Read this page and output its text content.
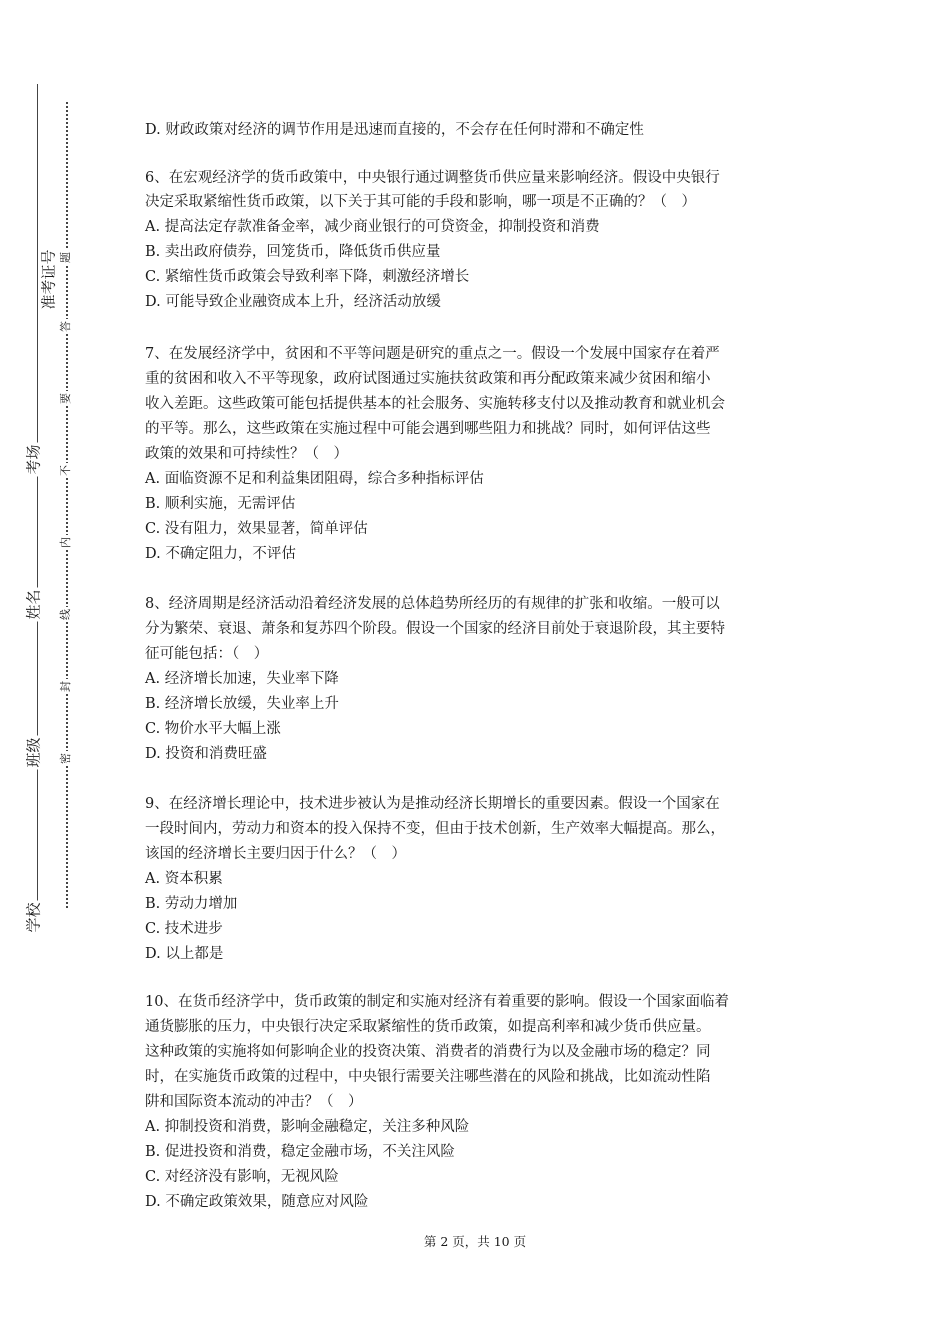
准考证号
考场
姓名
班级
学校
题
答
要
不
内
线
封
密
D. 财政政策对经济的调节作用是迅速而直接的，不会存在任何时滞和不确定性
6、在宏观经济学的货币政策中，中央银行通过调整货币供应量来影响经济。假设中央银行
决定采取紧缩性货币政策，以下关于其可能的手段和影响，哪一项是不正确的？（　）
A. 提高法定存款准备金率，减少商业银行的可贷资金，抑制投资和消费
B. 卖出政府债券，回笼货币，降低货币供应量
C. 紧缩性货币政策会导致利率下降，刺激经济增长
D. 可能导致企业融资成本上升，经济活动放缓
7、在发展经济学中，贫困和不平等问题是研究的重点之一。假设一个发展中国家存在着严
重的贫困和收入不平等现象，政府试图通过实施扶贫政策和再分配政策来减少贫困和缩小
收入差距。这些政策可能包括提供基本的社会服务、实施转移支付以及推动教育和就业机会
的平等。那么，这些政策在实施过程中可能会遇到哪些阻力和挑战？同时，如何评估这些
政策的效果和可持续性？（　）
A. 面临资源不足和利益集团阻碍，综合多种指标评估
B. 顺利实施，无需评估
C. 没有阻力，效果显著，简单评估
D. 不确定阻力，不评估
8、经济周期是经济活动沿着经济发展的总体趋势所经历的有规律的扩张和收缩。一般可以
分为繁荣、衰退、萧条和复苏四个阶段。假设一个国家的经济目前处于衰退阶段，其主要特
征可能包括：（　）
A. 经济增长加速，失业率下降
B. 经济增长放缓，失业率上升
C. 物价水平大幅上涨
D. 投资和消费旺盛
9、在经济增长理论中，技术进步被认为是推动经济长期增长的重要因素。假设一个国家在
一段时间内，劳动力和资本的投入保持不变，但由于技术创新，生产效率大幅提高。那么，
该国的经济增长主要归因于什么？（　）
A. 资本积累
B. 劳动力增加
C. 技术进步
D. 以上都是
10、在货币经济学中，货币政策的制定和实施对经济有着重要的影响。假设一个国家面临着
通货膨胀的压力，中央银行决定采取紧缩性的货币政策，如提高利率和减少货币供应量。
这种政策的实施将如何影响企业的投资决策、消费者的消费行为以及金融市场的稳定？同
时，在实施货币政策的过程中，中央银行需要关注哪些潜在的风险和挑战，比如流动性陷
阱和国际资本流动的冲击？（　）
A. 抑制投资和消费，影响金融稳定，关注多种风险
B. 促进投资和消费，稳定金融市场，不关注风险
C. 对经济没有影响，无视风险
D. 不确定政策效果，随意应对风险
第 2 页，共 10 页
